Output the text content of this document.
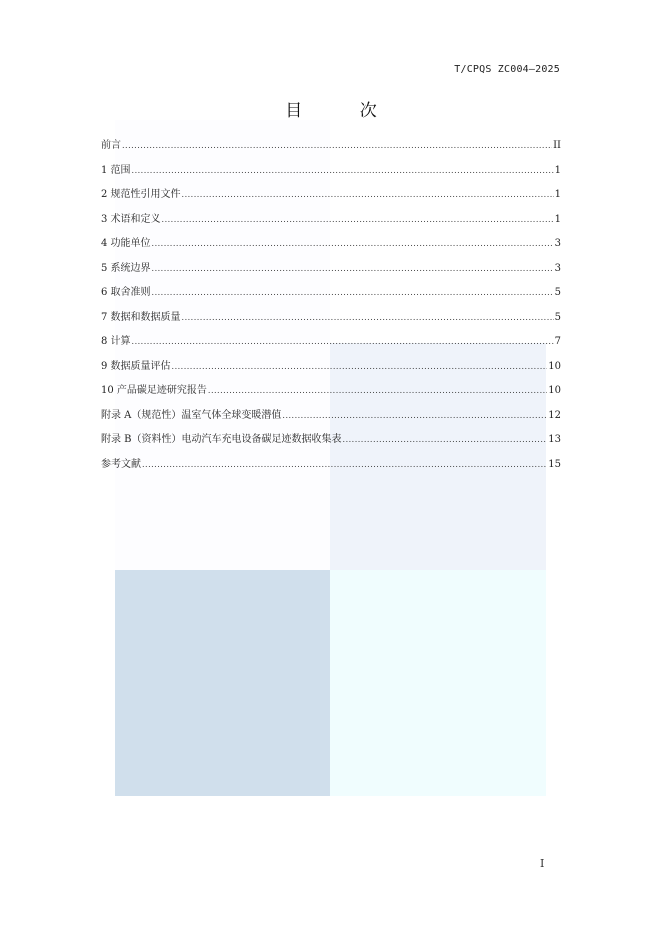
T/CPQS ZC004—2025
目 次
前言 .....	II
1 范围 .....	1
2 规范性引用文件 .....	1
3 术语和定义 .....	1
4 功能单位 .....	3
5 系统边界 .....	3
6 取舍准则 .....	5
7 数据和数据质量 .....	5
8 计算 .....	7
9 数据质量评估 .....	10
10 产品碳足迹研究报告 .....	10
附录 A（规范性）温室气体全球变暖潜值 .....	12
附录 B（资料性）电动汽车充电设备碳足迹数据收集表 .....	13
参考文献 .....	15
I
